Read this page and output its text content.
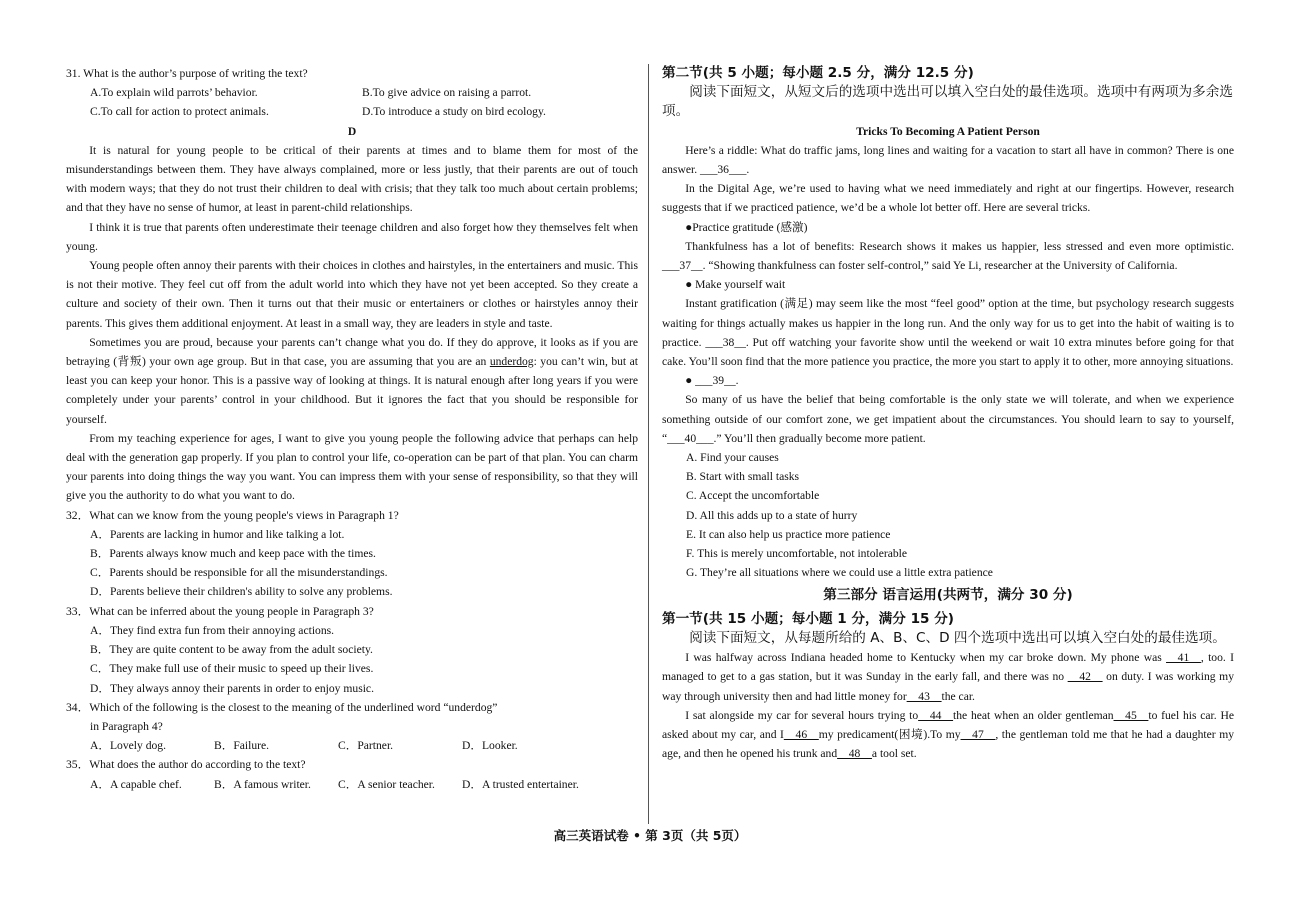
31. What is the author’s purpose of writing the text?

A.To explain wild parrots’ behavior.	B.To give advice on raising a parrot.
C.To call for action to protect animals.	D.To introduce a study on bird ecology.

D

It is natural for young people to be critical of their parents at times and to blame them for most of the misunderstandings between them. They have always complained, more or less justly, that their parents are out of touch with modern ways; that they do not trust their children to deal with crisis; that they talk too much about certain problems; and that they have no sense of humor, at least in parent-child relationships.

I think it is true that parents often underestimate their teenage children and also forget how they themselves felt when young.

Young people often annoy their parents with their choices in clothes and hairstyles, in the entertainers and music. This is not their motive. They feel cut off from the adult world into which they have not yet been accepted. So they create a culture and society of their own. Then it turns out that their music or entertainers or clothes or hairstyles annoy their parents. This gives them additional enjoyment. At least in a small way, they are leaders in style and taste.

Sometimes you are proud, because your parents can’t change what you do. If they do approve, it looks as if you are betraying (背叛) your own age group. But in that case, you are assuming that you are an underdog: you can’t win, but at least you can keep your honor. This is a passive way of looking at things. It is natural enough after long years if you were completely under your parents’ control in your childhood. But it ignores the fact that you should be responsible for yourself.

From my teaching experience for ages, I want to give you young people the following advice that perhaps can help deal with the generation gap properly. If you plan to control your life, co-operation can be part of that plan. You can charm your parents into doing things the way you want. You can impress them with your sense of responsibility, so that they will give you the authority to do what you want to do.

32．What can we know from the young people's views in Paragraph 1?

A．Parents are lacking in humor and like talking a lot.

B．Parents always know much and keep pace with the times.

C．Parents should be responsible for all the misunderstandings.

D．Parents believe their children's ability to solve any problems.

33．What can be inferred about the young people in Paragraph 3?

A．They find extra fun from their annoying actions.

B．They are quite content to be away from the adult society.

C．They make full use of their music to speed up their lives.

D．They always annoy their parents in order to enjoy music.

34．Which of the following is the closest to the meaning of the underlined word “underdog”

in Paragraph 4?

A．Lovely dog.	B．Failure.	C．Partner.	D．Looker.

35．What does the author do according to the text?

A．A capable chef.	B．A famous writer.	C．A senior teacher.	D．A trusted entertainer.

第二节(共 5 小题；每小题 2.5 分，满分 12.5 分)

阅读下面短文，从短文后的选项中选出可以填入空白处的最佳选项。选项中有两项为多余选项。

Tricks To Becoming A Patient Person

Here’s a riddle: What do traffic jams, long lines and waiting for a vacation to start all have in common? There is one answer. ___36___.

In the Digital Age, we’re used to having what we need immediately and right at our fingertips. However, research suggests that if we practiced patience, we’d be a whole lot better off. Here are several tricks.

●Practice gratitude (感激)

Thankfulness has a lot of benefits: Research shows it makes us happier, less stressed and even more optimistic. ___37__. “Showing thankfulness can foster self-control,” said Ye Li, researcher at the University of California.

● Make yourself wait

Instant gratification (满足) may seem like the most “feel good” option at the time, but psychology research suggests waiting for things actually makes us happier in the long run. And the only way for us to get into the habit of waiting is to practice. ___38__. Put off watching your favorite show until the weekend or wait 10 extra minutes before going for that cake. You’ll soon find that the more patience you practice, the more you start to apply it to other, more annoying situations.

● ___39__.

So many of us have the belief that being comfortable is the only state we will tolerate, and when we experience something outside of our comfort zone, we get impatient about the circumstances. You should learn to say to yourself, “___40___.” You’ll then gradually become more patient.

A. Find your causes

B. Start with small tasks

C. Accept the uncomfortable

D. All this adds up to a state of hurry

E. It can also help us practice more patience

F. This is merely uncomfortable, not intolerable

G. They’re all situations where we could use a little extra patience

第三部分 语言运用(共两节，满分 30 分)

第一节(共 15 小题；每小题 1 分，满分 15 分)

阅读下面短文，从每题所给的 A、B、C、D 四个选项中选出可以填入空白处的最佳选项。

I was halfway across Indiana headed home to Kentucky when my car broke down. My phone was __41__, too. I managed to get to a gas station, but it was Sunday in the early fall, and there was no __42__ on duty. I was working my way through university then and had little money for__43__the car.

I sat alongside my car for several hours trying to__44__the heat when an older gentleman__45__to fuel his car. He asked about my car, and I__46__my predicament(困境).To my__47__, the gentleman told me that he had a daughter my age, and then he opened his trunk and__48__a tool set.

高三英语试卷 • 第 3页（共 5页）
